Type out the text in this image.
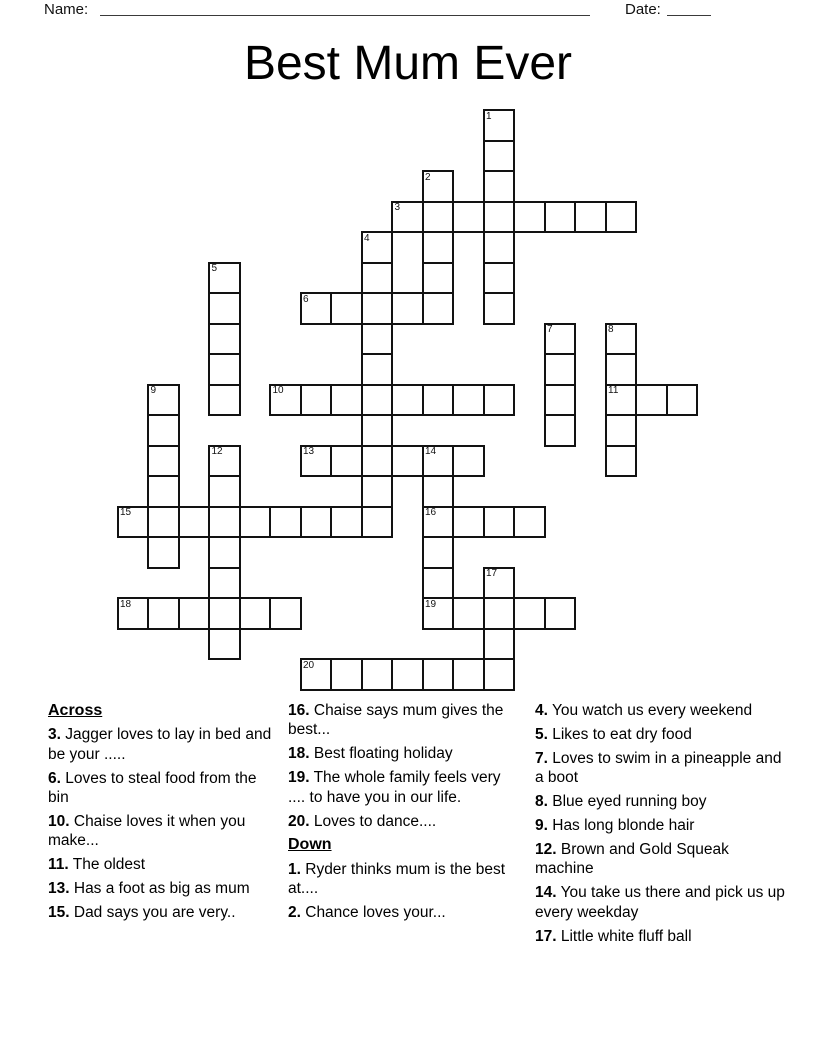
Name:	Date:
Best Mum Ever
1
2
3
4
5
6
7	8
11
9	10
12	13	14
16
19
15
17
18
20
Across
3. Jagger loves to lay in bed and be your .....
6. Loves to steal food from the bin
10. Chaise loves it when you make...
11. The oldest
13. Has a foot as big as mum
15. Dad says you are very..
16. Chaise says mum gives the best...
18. Best floating holiday
19. The whole family feels very .... to have you in our life.
20. Loves to dance....
Down
1. Ryder thinks mum is the best at....
2. Chance loves your...
4. You watch us every weekend
5. Likes to eat dry food
7. Loves to swim in a pineapple and a boot
8. Blue eyed running boy
9. Has long blonde hair
12. Brown and Gold Squeak machine
14. You take us there and pick us up every weekday
17. Little white fluff ball
